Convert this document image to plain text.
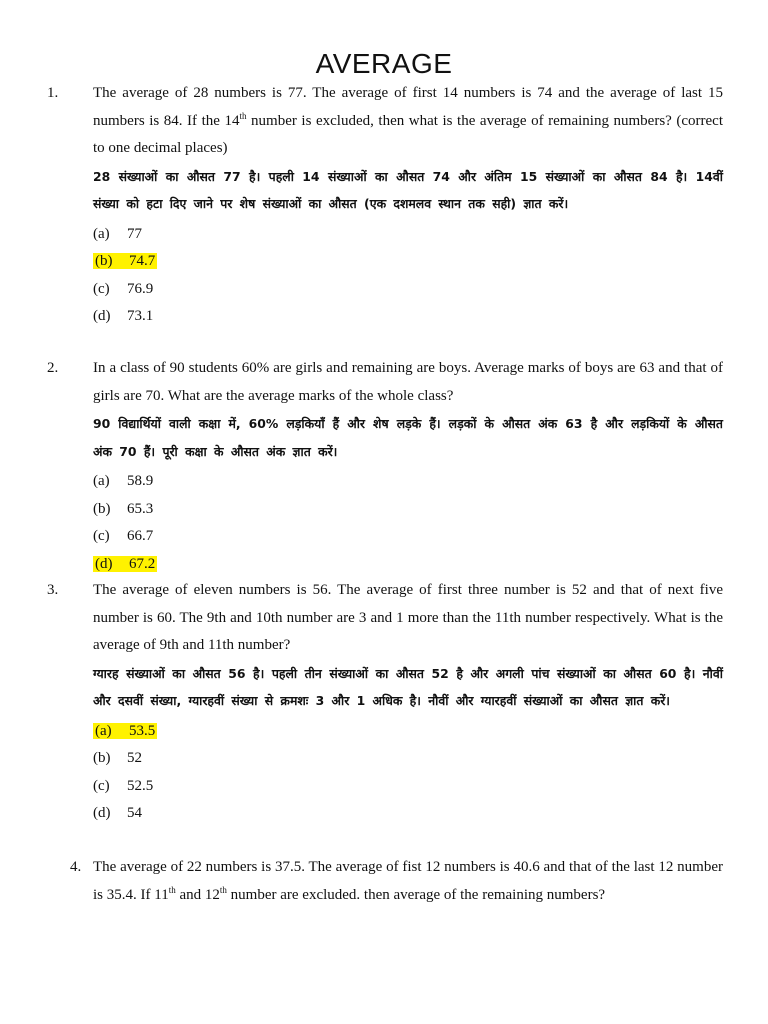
AVERAGE
1. The average of 28 numbers is 77. The average of first 14 numbers is 74 and the average of last 15 numbers is 84. If the 14th number is excluded, then what is the average of remaining numbers? (correct to one decimal places)
28 संख्याओं का औसत 77 है। पहली 14 संख्याओं का औसत 74 और अंतिम 15 संख्याओं का औसत 84 है। 14वीं संख्या को हटा दिए जाने पर शेष संख्याओं का औसत (एक दशमलव स्थान तक सही) ज्ञात करें।
(a) 77
(b) 74.7
(c) 76.9
(d) 73.1
2. In a class of 90 students 60% are girls and remaining are boys. Average marks of boys are 63 and that of girls are 70. What are the average marks of the whole class?
90 विद्यार्थियों वाली कक्षा में, 60% लड़कियाँ हैं और शेष लड़के हैं। लड़कों के औसत अंक 63 है और लड़कियों के औसत अंक 70 हैं। पूरी कक्षा के औसत अंक ज्ञात करें।
(a) 58.9
(b) 65.3
(c) 66.7
(d) 67.2
3. The average of eleven numbers is 56. The average of first three number is 52 and that of next five number is 60. The 9th and 10th number are 3 and 1 more than the 11th number respectively. What is the average of 9th and 11th number?
ग्यारह संख्याओं का औसत 56 है। पहली तीन संख्याओं का औसत 52 है और अगली पांच संख्याओं का औसत 60 है। नौवीं और दसवीं संख्या, ग्यारहवीं संख्या से क्रमशः 3 और 1 अधिक है। नौवीं और ग्यारहवीं संख्याओं का औसत ज्ञात करें।
(a) 53.5
(b) 52
(c) 52.5
(d) 54
4. The average of 22 numbers is 37.5. The average of fist 12 numbers is 40.6 and that of the last 12 number is 35.4. If 11th and 12th number are excluded. then average of the remaining numbers?
